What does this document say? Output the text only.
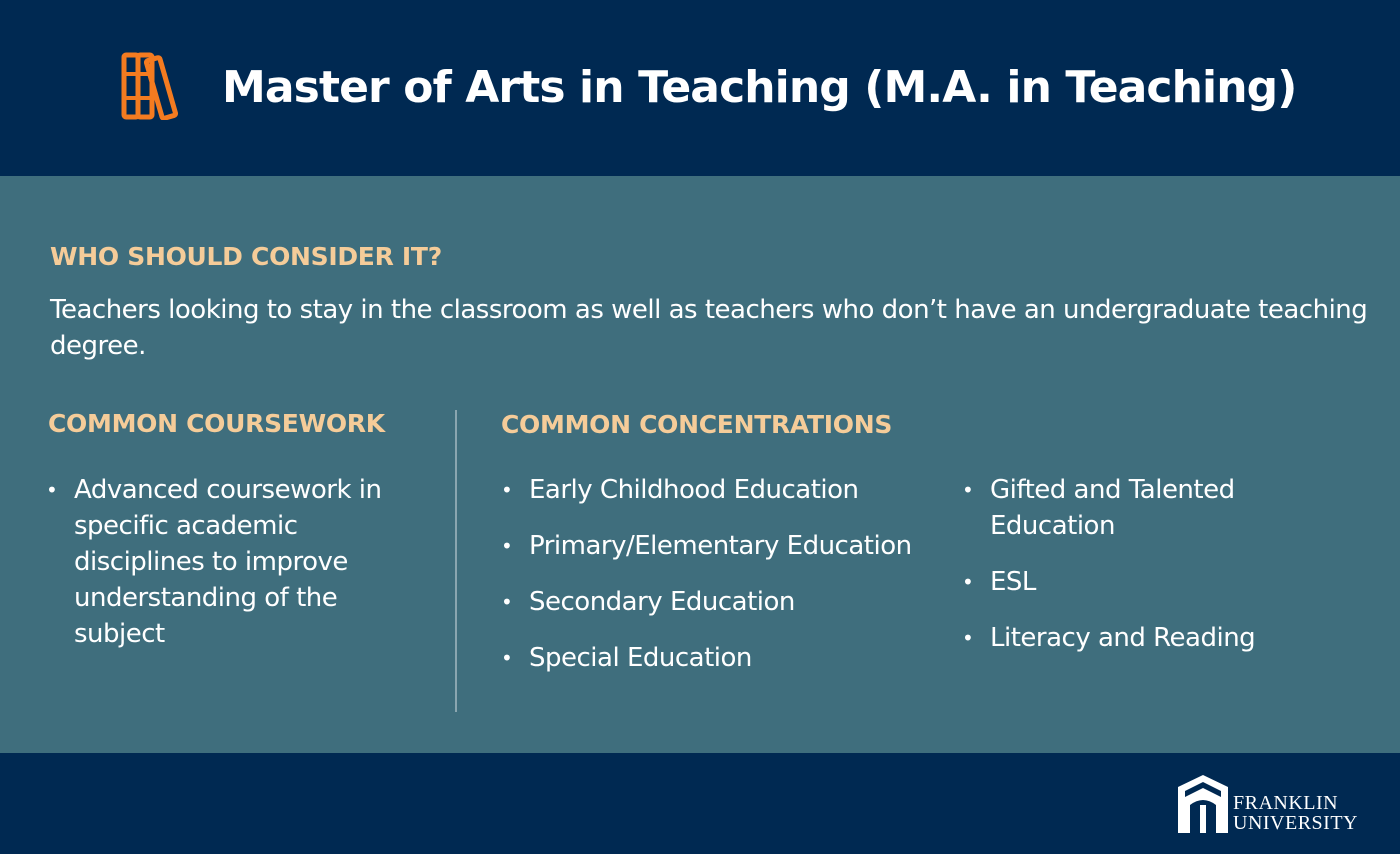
Master of Arts in Teaching (M.A. in Teaching)
WHO SHOULD CONSIDER IT?
Teachers looking to stay in the classroom as well as teachers who don’t have an undergraduate teaching degree.
COMMON COURSEWORK
• Advanced coursework in specific academic disciplines to improve understanding of the subject
COMMON CONCENTRATIONS
• Early Childhood Education
• Primary/Elementary Education
• Secondary Education
• Special Education
• Gifted and Talented Education
• ESL
• Literacy and Reading
FRANKLIN
UNIVERSITY
